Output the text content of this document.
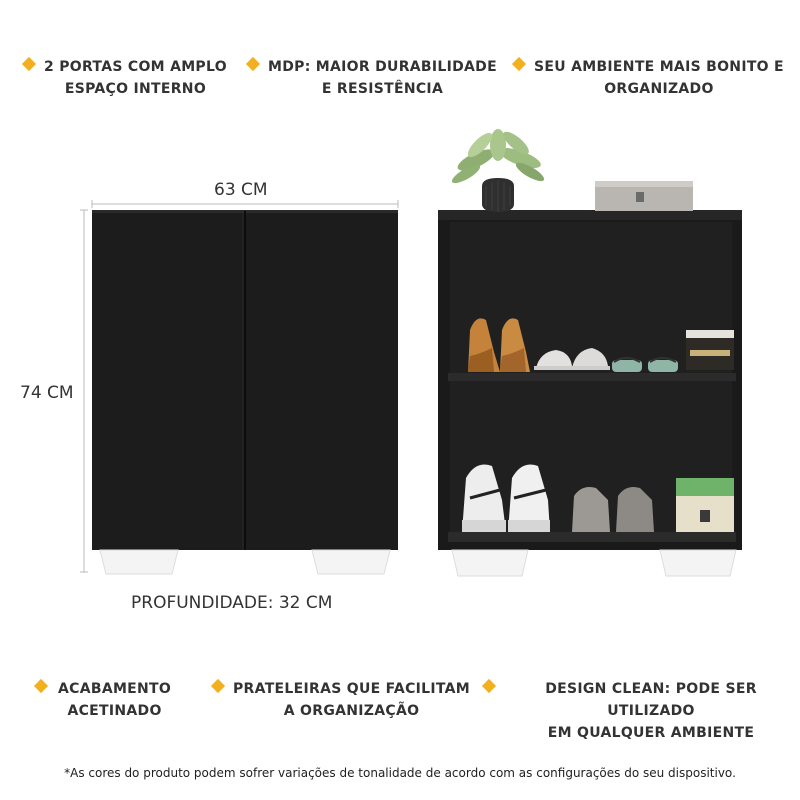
2 PORTAS COM AMPLO
ESPAÇO INTERNO
MDP: MAIOR DURABILIDADE
E RESISTÊNCIA
SEU AMBIENTE MAIS BONITO E
ORGANIZADO
63 CM
74 CM
PROFUNDIDADE: 32 CM
ACABAMENTO
ACETINADO
PRATELEIRAS QUE FACILITAM
A ORGANIZAÇÃO
DESIGN CLEAN: PODE SER UTILIZADO
EM QUALQUER AMBIENTE
*As cores do produto podem sofrer variações de tonalidade de acordo com as configurações do seu dispositivo.
